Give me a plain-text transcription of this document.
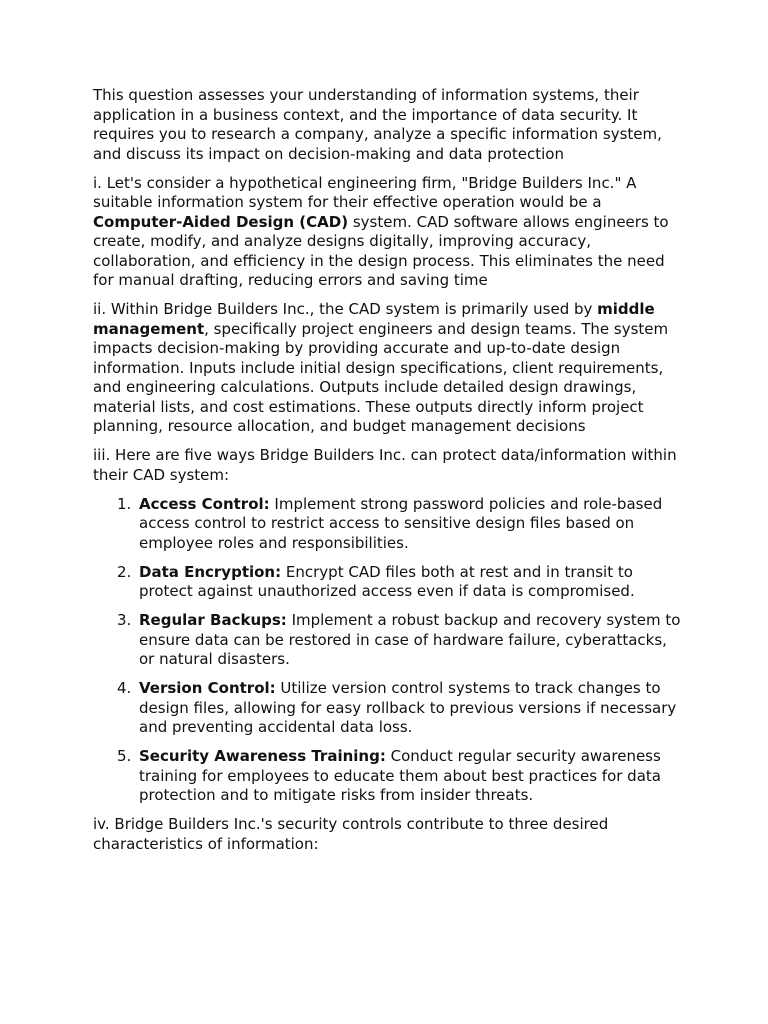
This question assesses your understanding of information systems, their application in a business context, and the importance of data security. It requires you to research a company, analyze a specific information system, and discuss its impact on decision-making and data protection

i. Let's consider a hypothetical engineering firm, "Bridge Builders Inc." A suitable information system for their effective operation would be a Computer-Aided Design (CAD) system. CAD software allows engineers to create, modify, and analyze designs digitally, improving accuracy, collaboration, and efficiency in the design process. This eliminates the need for manual drafting, reducing errors and saving time

ii. Within Bridge Builders Inc., the CAD system is primarily used by middle management, specifically project engineers and design teams. The system impacts decision-making by providing accurate and up-to-date design information. Inputs include initial design specifications, client requirements, and engineering calculations. Outputs include detailed design drawings, material lists, and cost estimations. These outputs directly inform project planning, resource allocation, and budget management decisions

iii. Here are five ways Bridge Builders Inc. can protect data/information within their CAD system:

1. Access Control: Implement strong password policies and role-based access control to restrict access to sensitive design files based on employee roles and responsibilities.
2. Data Encryption: Encrypt CAD files both at rest and in transit to protect against unauthorized access even if data is compromised.
3. Regular Backups: Implement a robust backup and recovery system to ensure data can be restored in case of hardware failure, cyberattacks, or natural disasters.
4. Version Control: Utilize version control systems to track changes to design files, allowing for easy rollback to previous versions if necessary and preventing accidental data loss.
5. Security Awareness Training: Conduct regular security awareness training for employees to educate them about best practices for data protection and to mitigate risks from insider threats.

iv. Bridge Builders Inc.'s security controls contribute to three desired characteristics of information:
